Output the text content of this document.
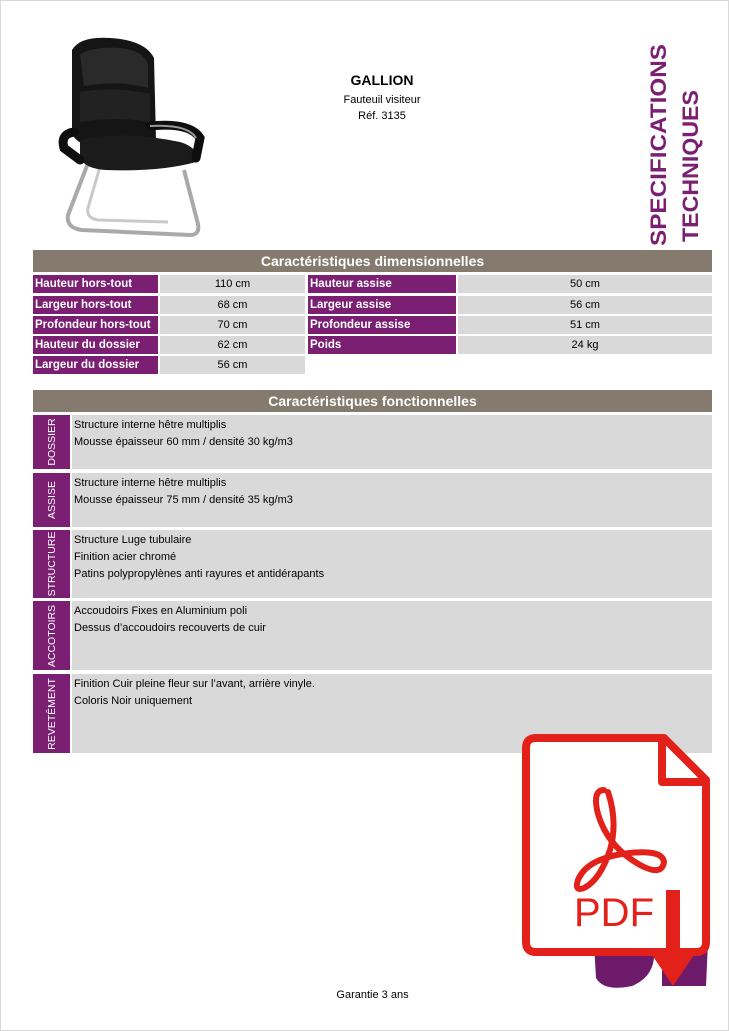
GALLION
Fauteuil visiteur
Réf. 3135	SPECIFICATIONS TECHNIQUES
Caractéristiques dimensionnelles
Hauteur hors-tout	110 cm
Largeur hors-tout	68 cm
Profondeur hors-tout	70 cm
Hauteur du dossier	62 cm
Largeur du dossier	56 cm
Hauteur assise	50 cm
Largeur assise	56 cm
Profondeur assise	51 cm
Poids	24 kg
Caractéristiques fonctionnelles
DOSSIER Structure interne hêtre multiplis
Mousse épaisseur 60 mm / densité 30 kg/m3
ASSISE Structure interne hêtre multiplis
Mousse épaisseur 75 mm / densité 35 kg/m3
STRUCTURE Structure Luge tubulaire
Finition acier chromé
Patins polypropylènes anti rayures et antidérapants
ACCOTOIRS Accoudoirs Fixes en Aluminium poli
Dessus d’accoudoirs recouverts de cuir
REVETÊMENT Finition Cuir pleine fleur sur l’avant, arrière vinyle.
Coloris Noir uniquement
PDF
Garantie 3 ans
